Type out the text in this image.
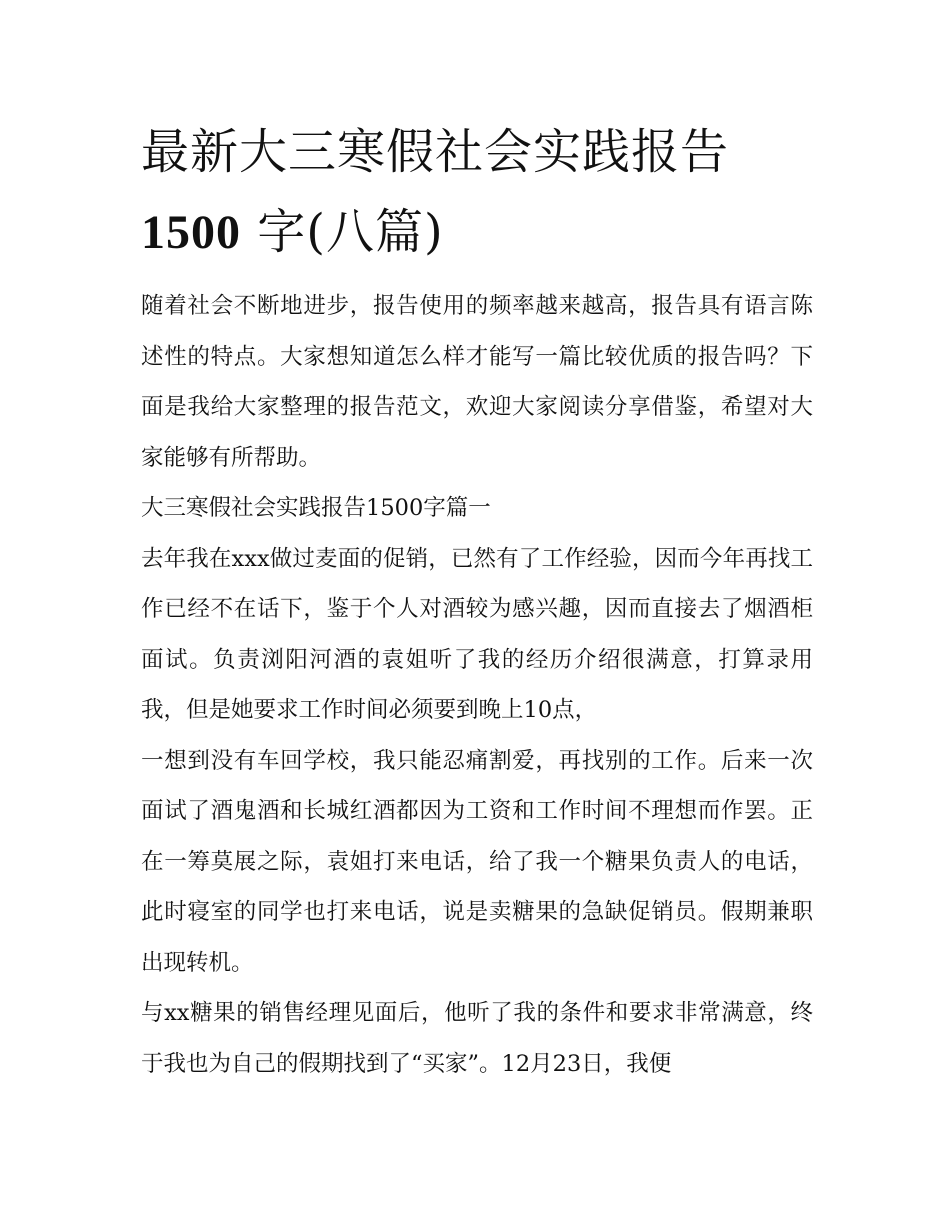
最新大三寒假社会实践报告
1500 字(八篇)

随着社会不断地进步，报告使用的频率越来越高，报告具有语言陈述性的特点。大家想知道怎么样才能写一篇比较优质的报告吗？下面是我给大家整理的报告范文，欢迎大家阅读分享借鉴，希望对大家能够有所帮助。

大三寒假社会实践报告1500字篇一

去年我在xxx做过麦面的促销，已然有了工作经验，因而今年再找工作已经不在话下，鉴于个人对酒较为感兴趣，因而直接去了烟酒柜面试。负责浏阳河酒的袁姐听了我的经历介绍很满意，打算录用我，但是她要求工作时间必须要到晚上10点，

一想到没有车回学校，我只能忍痛割爱，再找别的工作。后来一次面试了酒鬼酒和长城红酒都因为工资和工作时间不理想而作罢。正在一筹莫展之际，袁姐打来电话，给了我一个糖果负责人的电话，此时寝室的同学也打来电话，说是卖糖果的急缺促销员。假期兼职出现转机。

与xx糖果的销售经理见面后，他听了我的条件和要求非常满意，终于我也为自己的假期找到了“买家”。12月23日，我便
